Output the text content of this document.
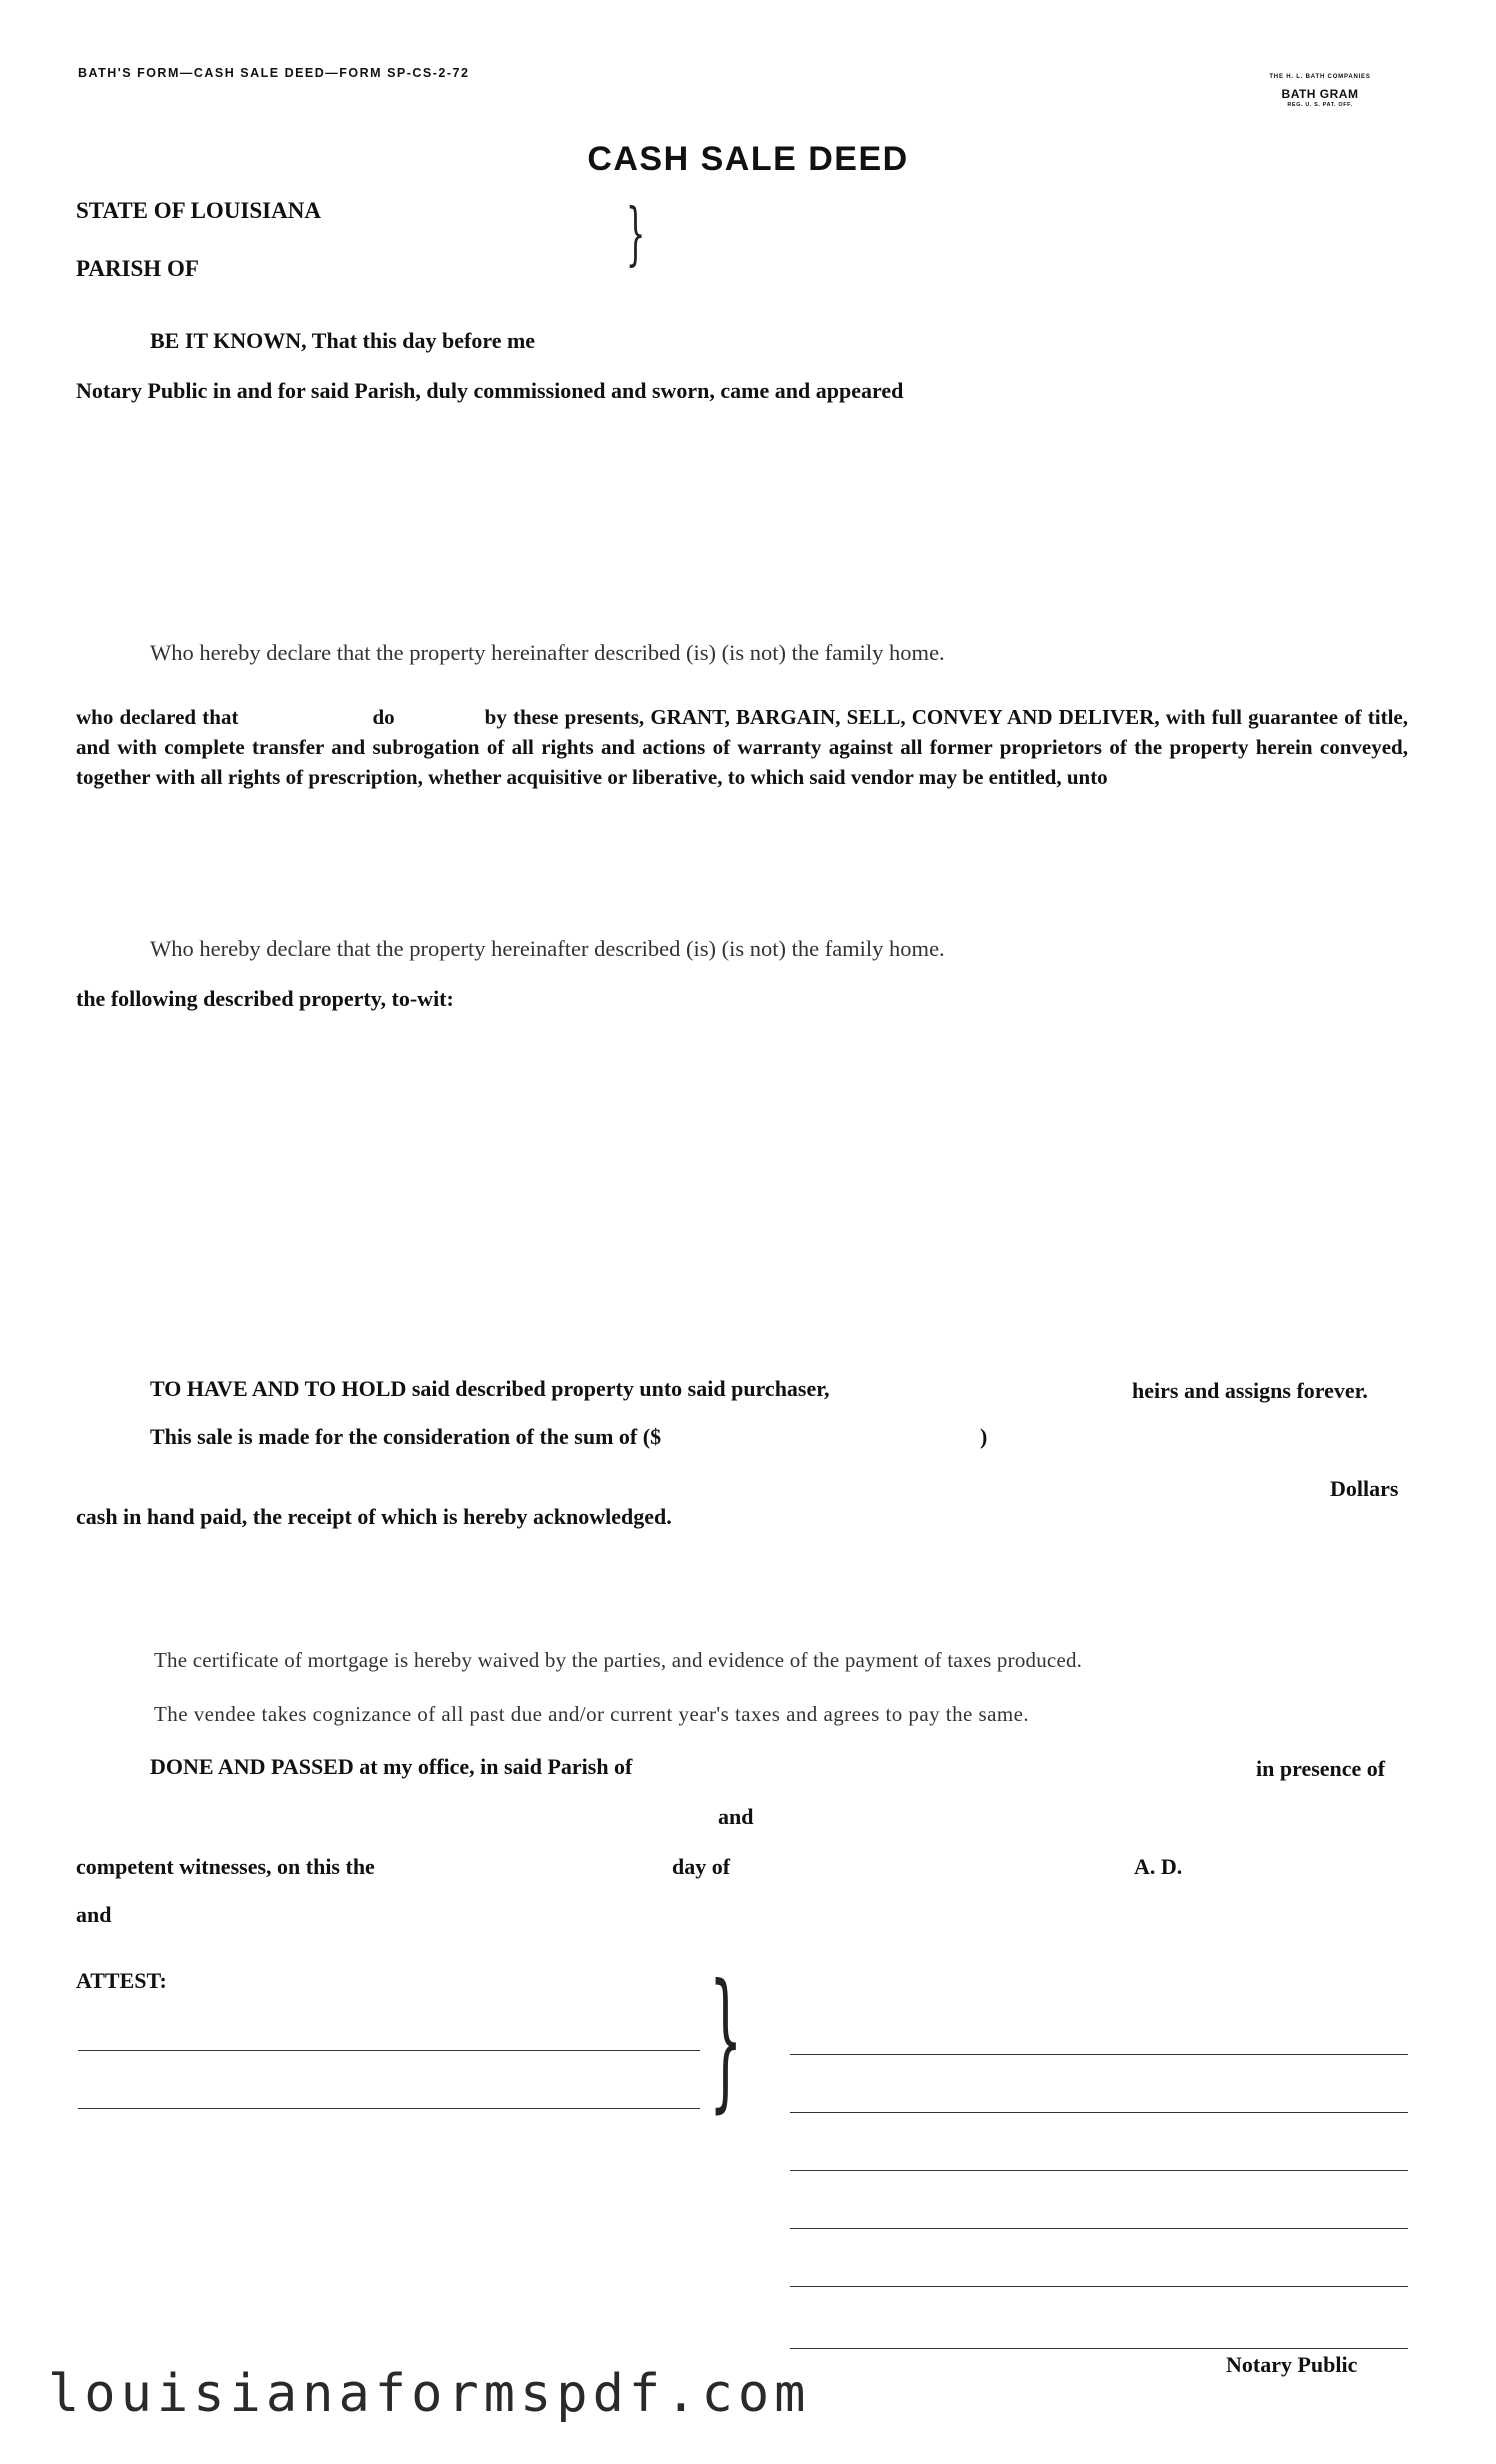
BATH'S FORM—CASH SALE DEED—FORM SP-CS-2-72	THE H. L. BATH COMPANIES
BATH GRAM
REG. U. S. PAT. OFF.
CASH SALE DEED
STATE OF LOUISIANA
PARISH OF	}
BE IT KNOWN, That this day before me
Notary Public in and for said Parish, duly commissioned and sworn, came and appeared
Who hereby declare that the property hereinafter described (is) (is not) the family home.
who declared that	do	by these presents, GRANT, BARGAIN, SELL, CONVEY AND DELIVER, with full guarantee of title, and with complete transfer and subrogation of all rights and actions of warranty against all former proprietors of the property herein conveyed, together with all rights of prescription, whether acquisitive or liberative, to which said vendor may be entitled, unto
Who hereby declare that the property hereinafter described (is) (is not) the family home.
the following described property, to-wit:
TO HAVE AND TO HOLD said described property unto said purchaser,	heirs and assigns forever.
This sale is made for the consideration of the sum of ($	)
Dollars
cash in hand paid, the receipt of which is hereby acknowledged.
The certificate of mortgage is hereby waived by the parties, and evidence of the payment of taxes produced.
The vendee takes cognizance of all past due and/or current year's taxes and agrees to pay the same.
DONE AND PASSED at my office, in said Parish of	in presence of
and
competent witnesses, on this the	day of	A. D.
and
ATTEST:	}
Notary Public
louisianaformspdf.com
